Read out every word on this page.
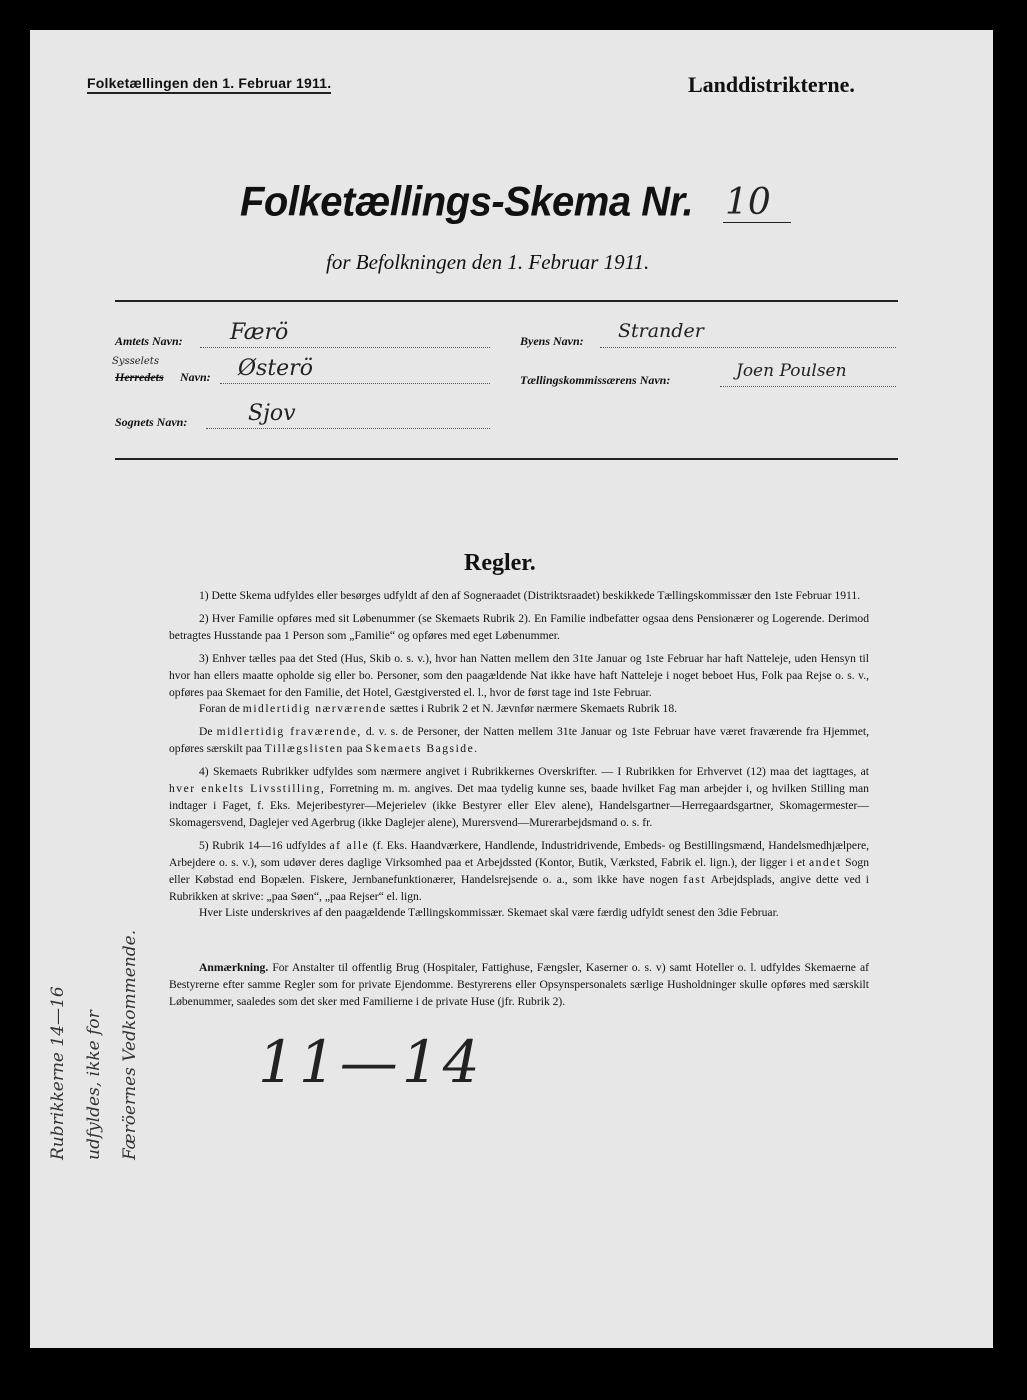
Folketællingen den 1. Februar 1911.	Landdistrikterne.
Folketællings-Skema Nr. 10
for Befolkningen den 1. Februar 1911.
Amtets Navn: Færö
Sysselets
Herredets Navn: Østerö
Sognets Navn:	Sjov
Byens Navn: Strander
Tællingskommissærens Navn:	Joen Poulsen
Regler.

1) Dette Skema udfyldes eller besørges udfyldt af den af Sogneraadet (Distriktsraadet) beskikkede Tællingskommissær den 1ste Februar 1911.

2) Hver Familie opføres med sit Løbenummer (se Skemaets Rubrik 2). En Familie indbefatter ogsaa dens Pensionærer og Logerende. Derimod betragtes Husstande paa 1 Person som „Familie“ og opføres med eget Løbenummer.

3) Enhver tælles paa det Sted (Hus, Skib o. s. v.), hvor han Natten mellem den 31te Januar og 1ste Februar har haft Natteleje, uden Hensyn til hvor han ellers maatte opholde sig eller bo. Personer, som den paagældende Nat ikke have haft Natteleje i noget beboet Hus, Folk paa Rejse o. s. v., opføres paa Skemaet for den Familie, det Hotel, Gæstgiversted el. l., hvor de først tage ind 1ste Februar.

Foran de midlertidig nærværende sættes i Rubrik 2 et N. Jævnfør nærmere Skemaets Rubrik 18.

De midlertidig fraværende, d. v. s. de Personer, der Natten mellem 31te Januar og 1ste Februar have været fraværende fra Hjemmet, opføres særskilt paa Tillægslisten paa Skemaets Bagside.

4) Skemaets Rubrikker udfyldes som nærmere angivet i Rubrikkernes Overskrifter. — I Rubrikken for Erhvervet (12) maa det iagttages, at hver enkelts Livsstilling, Forretning m. m. angives. Det maa tydelig kunne ses, baade hvilket Fag man arbejder i, og hvilken Stilling man indtager i Faget, f. Eks. Mejeribestyrer—Mejerielev (ikke Bestyrer eller Elev alene), Handelsgartner—Herregaardsgartner, Skomagermester—Skomagersvend, Daglejer ved Agerbrug (ikke Daglejer alene), Murersvend—Murerarbejdsmand o. s. fr.

5) Rubrik 14—16 udfyldes af alle (f. Eks. Haandværkere, Handlende, Industridrivende, Embeds- og Bestillingsmænd, Handelsmedhjælpere, Arbejdere o. s. v.), som udøver deres daglige Virksomhed paa et Arbejdssted (Kontor, Butik, Værksted, Fabrik el. lign.), der ligger i et andet Sogn eller Købstad end Bopælen. Fiskere, Jernbanefunktionærer, Handelsrejsende o. a., som ikke have nogen fast Arbejdsplads, angive dette ved i Rubrikken at skrive: „paa Søen“, „paa Rejser“ el. lign.

Hver Liste underskrives af den paagældende Tællingskommissær. Skemaet skal være færdig udfyldt senest den 3die Februar.

Anmærkning. For Anstalter til offentlig Brug (Hospitaler, Fattighuse, Fængsler, Kaserner o. s. v) samt Hoteller o. l. udfyldes Skemaerne af Bestyrerne efter samme Regler som for private Ejendomme. Bestyrerens eller Opsynspersonalets særlige Husholdninger skulle opføres med særskilt Løbenummer, saaledes som det sker med Familierne i de private Huse (jfr. Rubrik 2).

11—14
Rubrikkerne 14—16 udfyldes, ikke for Færöernes Vedkommende.
